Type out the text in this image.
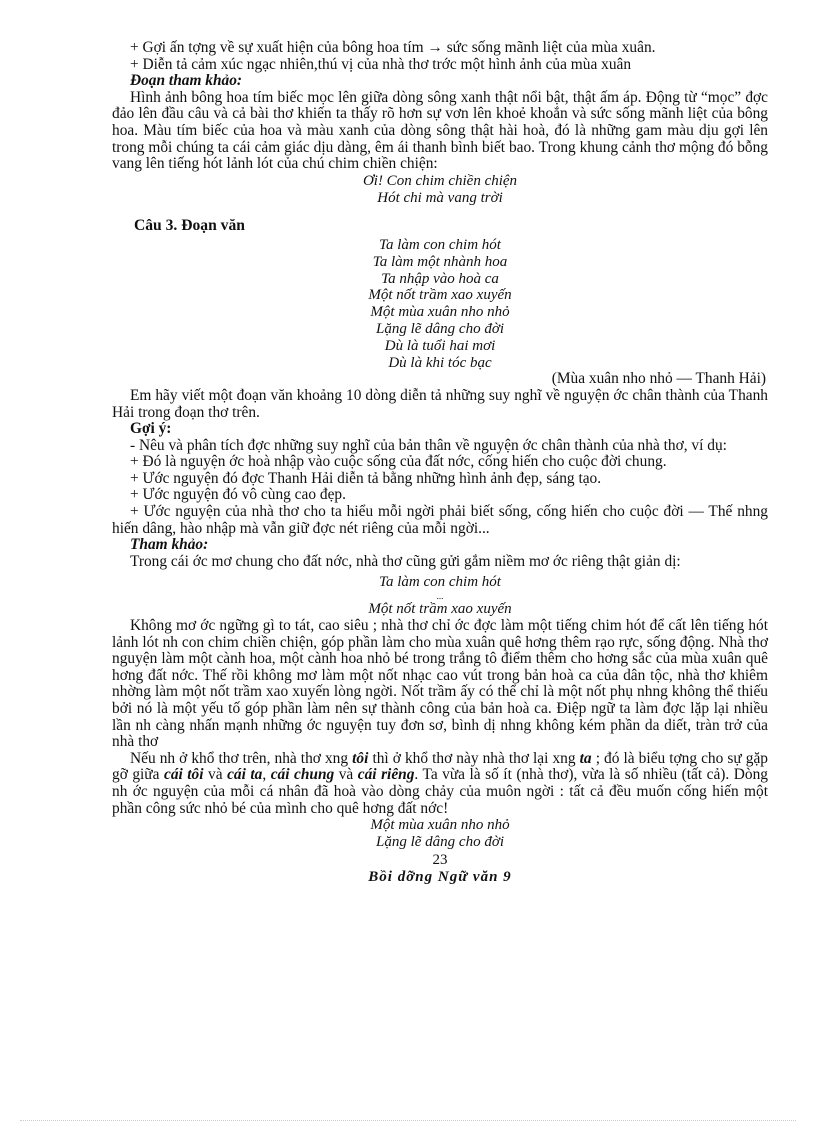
+ Gợi ấn tợng về sự xuất hiện của bông hoa tím → sức sống mãnh liệt của mùa xuân.

+ Diễn tả cảm xúc ngạc nhiên,thú vị của nhà thơ trớc một hình ảnh của mùa xuân

Đoạn tham khảo:

Hình ảnh bông hoa tím biếc mọc lên giữa dòng sông xanh thật nổi bật, thật ấm áp. Động từ “mọc” đợc đảo lên đầu câu và cả bài thơ khiến ta thấy rõ hơn sự vơn lên khoẻ khoắn và sức sống mãnh liệt của bông hoa. Màu tím biếc của hoa và màu xanh của dòng sông thật hài hoà, đó là những gam màu dịu gợi lên trong mỗi chúng ta cái cảm giác dịu dàng, êm ái thanh bình biết bao. Trong khung cảnh thơ mộng đó bỗng vang lên tiếng hót lảnh lót của chú chim chiền chiện:

Ơi! Con chim chiền chiện

Hót chi mà vang trời

Câu 3. Đoạn văn

Ta làm con chim hót

Ta làm một nhành hoa

Ta nhập vào hoà ca

Một nốt trầm xao xuyến

Một mùa xuân nho nhỏ

Lặng lẽ dâng cho đời

Dù là tuổi hai mơi

Dù là khi tóc bạc

(Mùa xuân nho nhỏ — Thanh Hải)

Em hãy viết một đoạn văn khoảng 10 dòng diễn tả những suy nghĩ về nguyện ớc chân thành của Thanh Hải trong đoạn thơ trên.

Gợi ý:

- Nêu và phân tích đợc những suy nghĩ của bản thân về nguyện ớc chân thành của nhà thơ, ví dụ:

+ Đó là nguyện ớc hoà nhập vào cuộc sống của đất nớc, cống hiến cho cuộc đời chung.

+ Ước nguyện đó đợc Thanh Hải diễn tả bằng những hình ảnh đẹp, sáng tạo.

+ Ước nguyện đó vô cùng cao đẹp.

+ Ước nguyện của nhà thơ cho ta hiểu mỗi ngời phải biết sống, cống hiến cho cuộc đời — Thế nhng hiến dâng, hào nhập mà vẫn giữ đợc nét riêng của mỗi ngời...

Tham khảo:

Trong cái ớc mơ chung cho đất nớc, nhà thơ cũng gửi gắm niềm mơ ớc riêng thật giản dị:

Ta làm con chim hót

...

Một nốt trầm xao xuyến

Không mơ ớc ngững gì to tát, cao siêu ; nhà thơ chỉ ớc đợc làm một tiếng chim hót để cất lên tiếng hót lảnh lót nh con chim chiền chiện, góp phần làm cho mùa xuân quê hơng thêm rạo rực, sống động. Nhà thơ nguyện làm một cành hoa, một cành hoa nhỏ bé trong trắng tô điểm thêm cho hơng sắc của mùa xuân quê hơng đất nớc. Thế rồi không mơ làm một nốt nhạc cao vút trong bản hoà ca của dân tộc, nhà thơ khiêm nhờng làm một nốt trầm xao xuyến lòng ngời. Nốt trầm ấy có thể chỉ là một nốt phụ nhng không thể thiếu bởi nó là một yếu tố góp phần làm nên sự thành công của bản hoà ca. Điệp ngữ ta làm đợc lặp lại nhiều lần nh càng nhấn mạnh những ớc nguyện tuy đơn sơ, bình dị nhng không kém phần da diết, tràn trở của nhà thơ

Nếu nh ở khổ thơ trên, nhà thơ xng tôi thì ở khổ thơ này nhà thơ lại xng ta ; đó là biểu tợng cho sự gặp gỡ giữa cái tôi và cái ta, cái chung và cái riêng. Ta vừa là số ít (nhà thơ), vừa là số nhiều (tất cả). Dòng nh ớc nguyện của mỗi cá nhân đã hoà vào dòng chảy của muôn ngời : tất cả đều muốn cống hiến một phần công sức nhỏ bé của mình cho quê hơng đất nớc!

Một mùa xuân nho nhỏ

Lặng lẽ dâng cho đời

23

Bồi dỡng Ngữ văn 9
